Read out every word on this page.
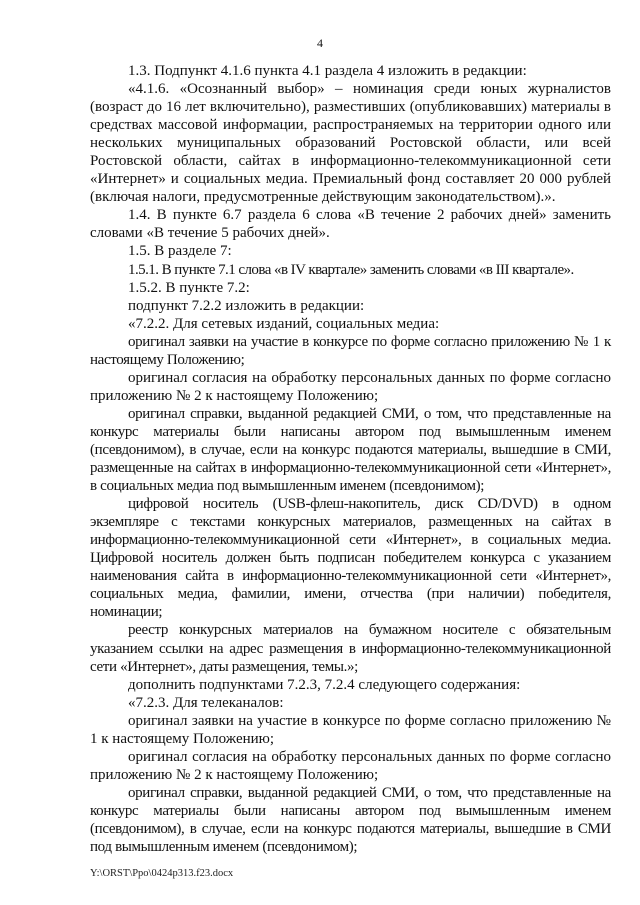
4

1.3. Подпункт 4.1.6 пункта 4.1 раздела 4 изложить в редакции:

«4.1.6. «Осознанный выбор» – номинация среди юных журналистов (возраст до 16 лет включительно), разместивших (опубликовавших) материалы в средствах массовой информации, распространяемых на территории одного или нескольких муниципальных образований Ростовской области, или всей Ростовской области, сайтах в информационно-телекоммуникационной сети «Интернет» и социальных медиа. Премиальный фонд составляет 20 000 рублей (включая налоги, предусмотренные действующим законодательством).».

1.4. В пункте 6.7 раздела 6 слова «В течение 2 рабочих дней» заменить словами «В течение 5 рабочих дней».

1.5. В разделе 7:

1.5.1. В пункте 7.1 слова «в IV квартале» заменить словами «в III квартале».

1.5.2. В пункте 7.2:

подпункт 7.2.2 изложить в редакции:

«7.2.2. Для сетевых изданий, социальных медиа:

оригинал заявки на участие в конкурсе по форме согласно приложению № 1 к настоящему Положению;

оригинал согласия на обработку персональных данных по форме согласно приложению № 2 к настоящему Положению;

оригинал справки, выданной редакцией СМИ, о том, что представленные на конкурс материалы были написаны автором под вымышленным именем (псевдонимом), в случае, если на конкурс подаются материалы, вышедшие в СМИ, размещенные на сайтах в информационно-телекоммуникационной сети «Интернет», в социальных медиа под вымышленным именем (псевдонимом);

цифровой носитель (USB-флеш-накопитель, диск CD/DVD) в одном экземпляре с текстами конкурсных материалов, размещенных на сайтах в информационно-телекоммуникационной сети «Интернет», в социальных медиа. Цифровой носитель должен быть подписан победителем конкурса с указанием наименования сайта в информационно-телекоммуникационной сети «Интернет», социальных медиа, фамилии, имени, отчества (при наличии) победителя, номинации;

реестр конкурсных материалов на бумажном носителе с обязательным указанием ссылки на адрес размещения в информационно-телекоммуникационной сети «Интернет», даты размещения, темы.»;

дополнить подпунктами 7.2.3, 7.2.4 следующего содержания:

«7.2.3. Для телеканалов:

оригинал заявки на участие в конкурсе по форме согласно приложению № 1 к настоящему Положению;

оригинал согласия на обработку персональных данных по форме согласно приложению № 2 к настоящему Положению;

оригинал справки, выданной редакцией СМИ, о том, что представленные на конкурс материалы были написаны автором под вымышленным именем (псевдонимом), в случае, если на конкурс подаются материалы, вышедшие в СМИ под вымышленным именем (псевдонимом);

Y:\ORST\Ppo\0424p313.f23.docx
